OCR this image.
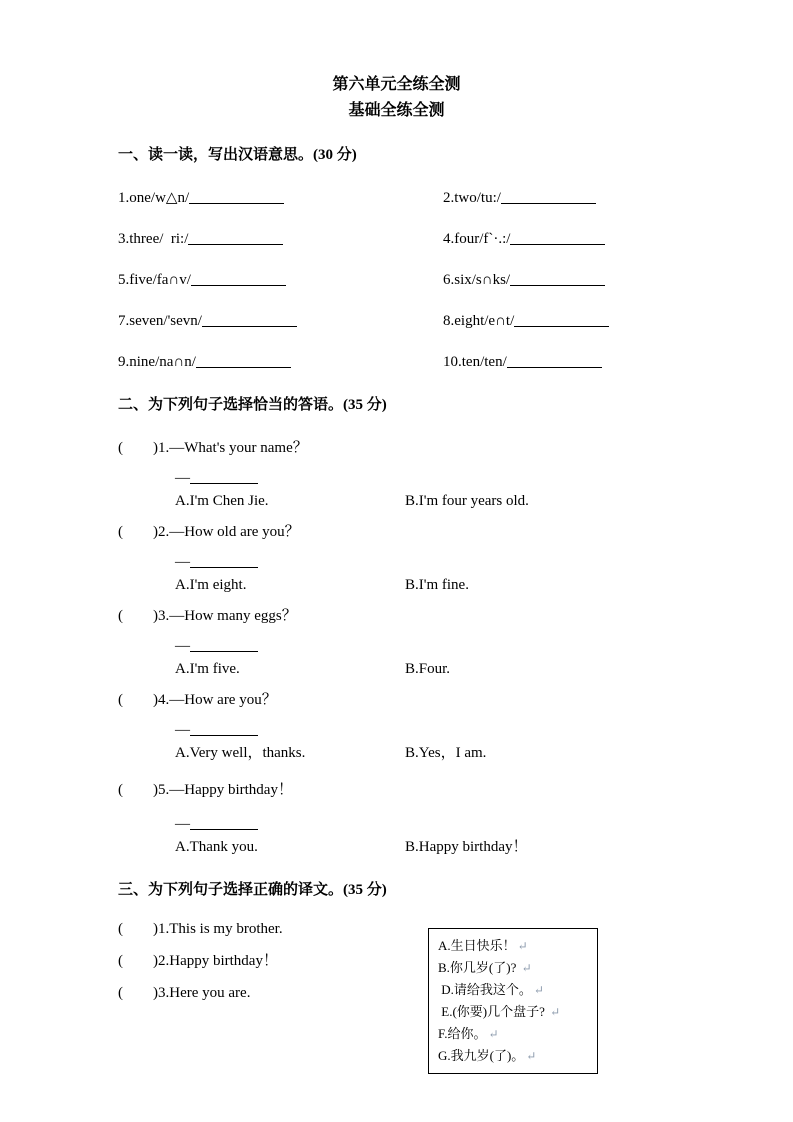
第六单元全练全测
基础全练全测
一、读一读，写出汉语意思。(30 分)
1.one/w△n/	2.two/tu:/
3.three/  ri:/	4.four/f`·.:/
5.five/fa∩v/	6.six/s∩ks/
7.seven/'sevn/	8.eight/e∩t/
9.nine/na∩n/	10.ten/ten/
二、为下列句子选择恰当的答语。(35 分)
(        )1.—What's your name？
—
A.I'm Chen Jie.	B.I'm four years old.
(        )2.—How old are you？
—
A.I'm eight.	B.I'm fine.
(        )3.—How many eggs？
—
A.I'm five.	B.Four.
(        )4.—How are you？
—
A.Very well，thanks.	B.Yes，I am.
(        )5.—Happy birthday！
—
A.Thank you.	B.Happy birthday！
三、为下列句子选择正确的译文。(35 分)
(        )1.This is my brother.
(        )2.Happy birthday！
(        )3.Here you are.
A.生日快乐！ ↵
B.你几岁(了)? ↵
D.请给我这个。 ↵
E.(你要)几个盘子? ↵
F.给你。 ↵
G.我九岁(了)。 ↵
